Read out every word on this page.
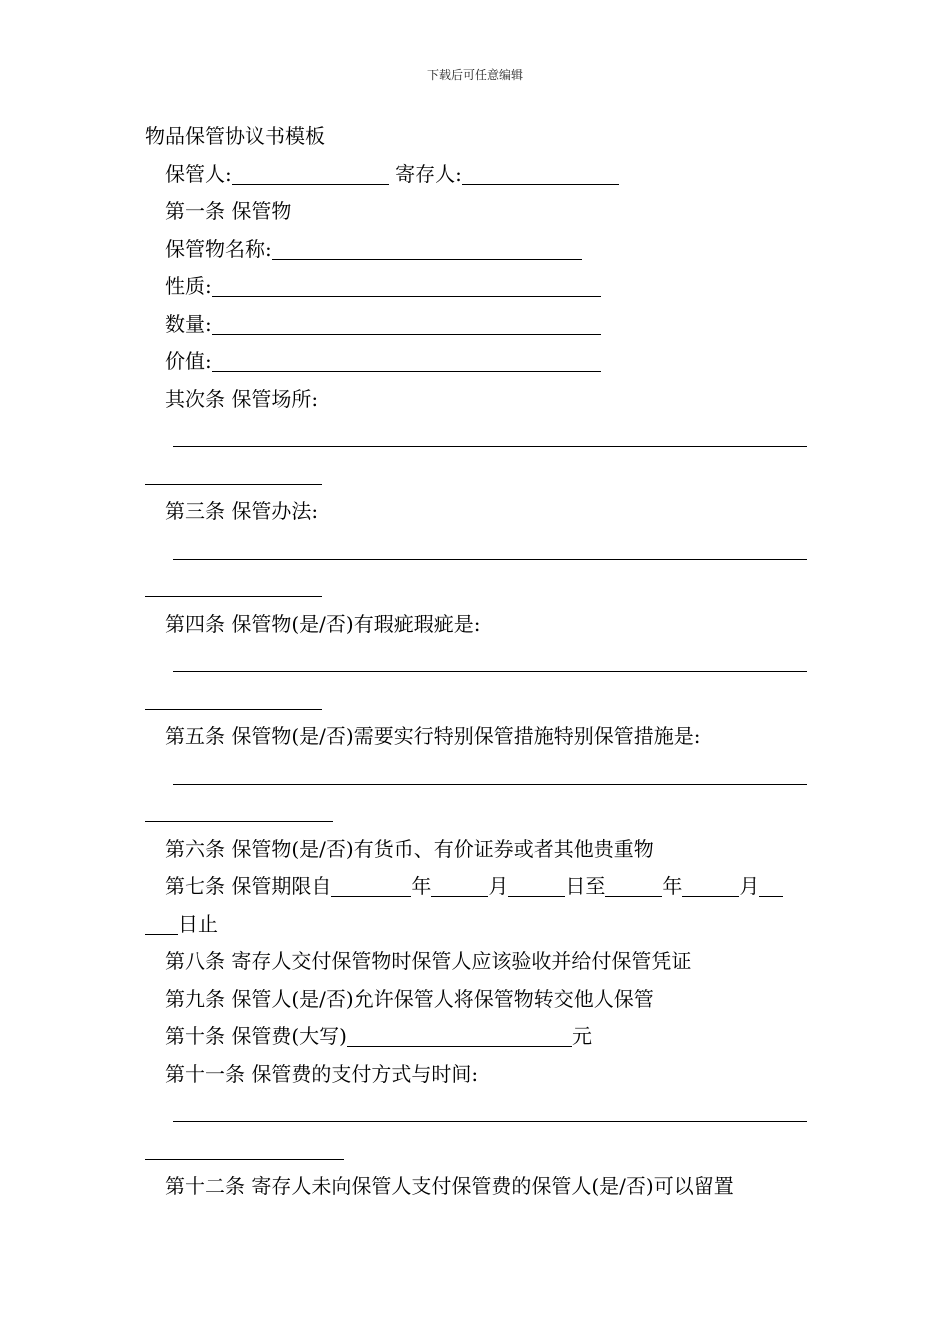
下载后可任意编辑

物品保管协议书模板

保管人:	寄存人:

第一条 保管物

保管物名称:

性质:

数量:

价值:

其次条 保管场所:

第三条 保管办法:

第四条 保管物(是/否)有瑕疵瑕疵是:

第五条 保管物(是/否)需要实行特别保管措施特别保管措施是:

第六条 保管物(是/否)有货币、有价证券或者其他贵重物

第七条 保管期限自	年	月	日至	年	月

日止

第八条 寄存人交付保管物时保管人应该验收并给付保管凭证

第九条 保管人(是/否)允许保管人将保管物转交他人保管

第十条 保管费(大写)	元

第十一条 保管费的支付方式与时间:

第十二条 寄存人未向保管人支付保管费的保管人(是/否)可以留置
